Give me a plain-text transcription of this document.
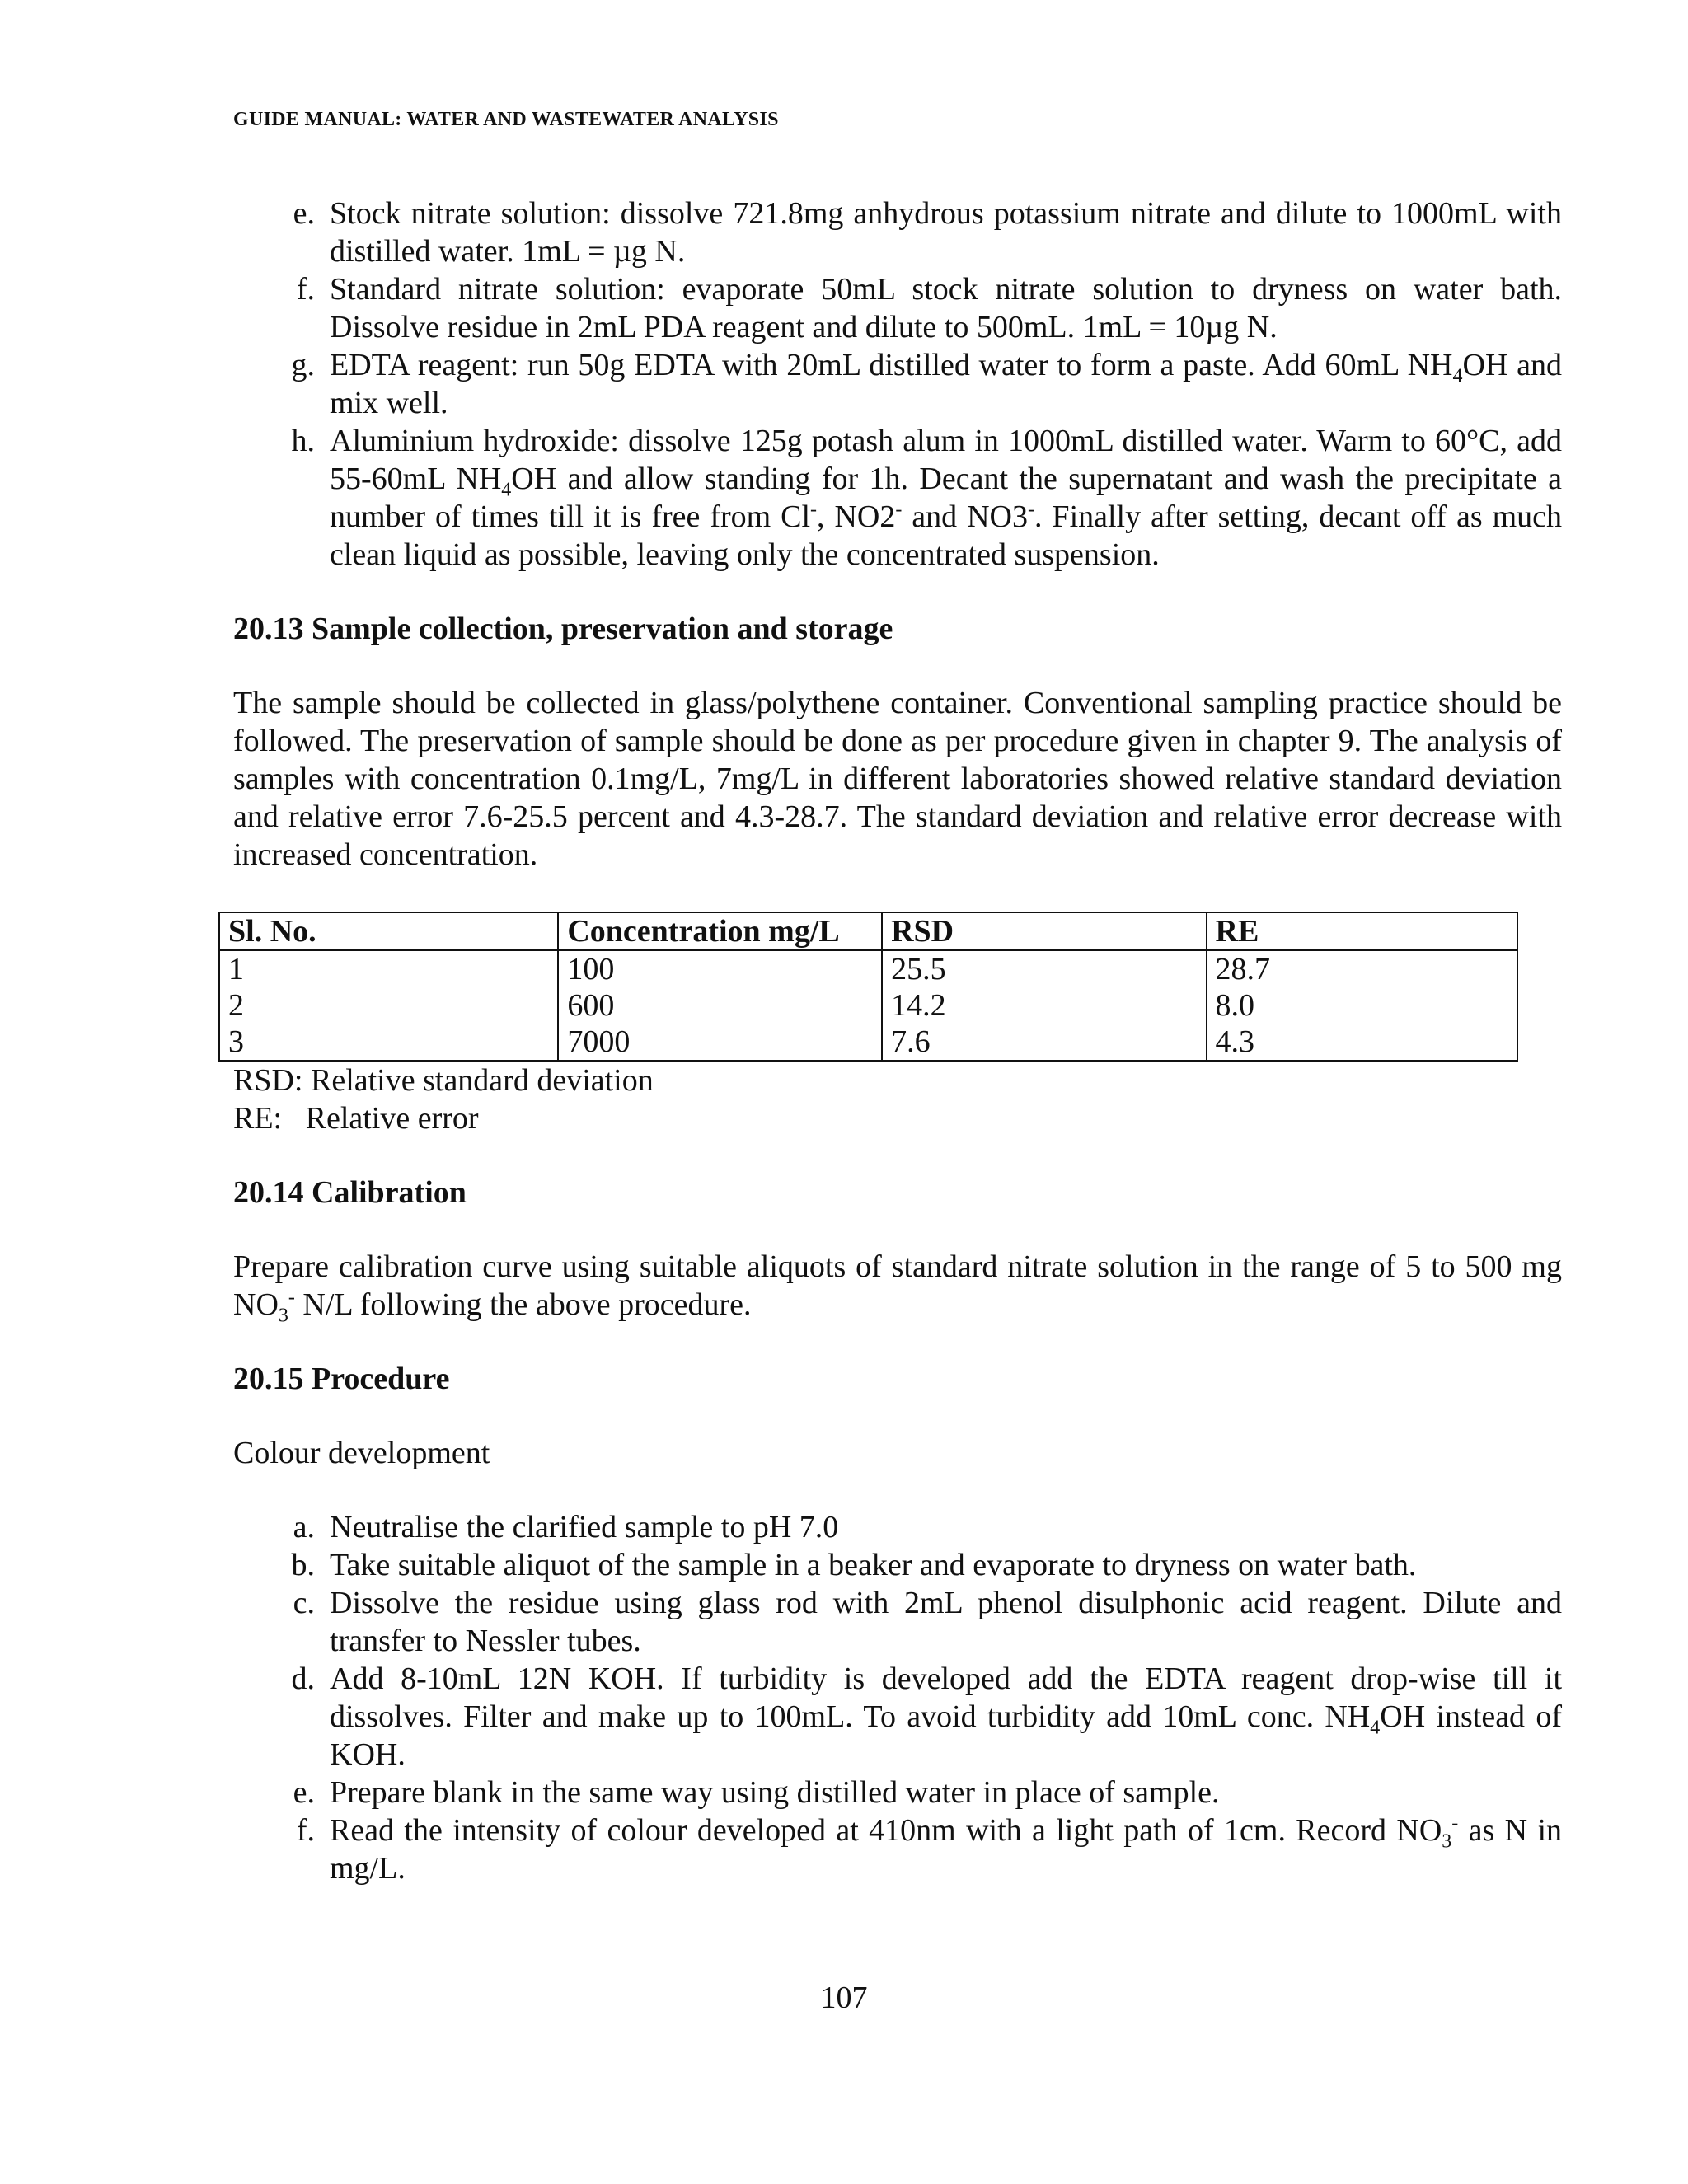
GUIDE MANUAL: WATER AND WASTEWATER ANALYSIS
e. Stock nitrate solution: dissolve 721.8mg anhydrous potassium nitrate and dilute to 1000mL with distilled water. 1mL = µg N.
f. Standard nitrate solution: evaporate 50mL stock nitrate solution to dryness on water bath. Dissolve residue in 2mL PDA reagent and dilute to 500mL. 1mL = 10µg N.
g. EDTA reagent: run 50g EDTA with 20mL distilled water to form a paste. Add 60mL $NH_4OH$ and mix well.
h. Aluminium hydroxide: dissolve 125g potash alum in 1000mL distilled water. Warm to 60°C, add 55-60mL $NH_4OH$ and allow standing for 1h. Decant the supernatant and wash the precipitate a number of times till it is free from Cl-, NO2- and NO3-. Finally after setting, decant off as much clean liquid as possible, leaving only the concentrated suspension.
20.13 Sample collection, preservation and storage

The sample should be collected in glass/polythene container. Conventional sampling practice should be followed. The preservation of sample should be done as per procedure given in chapter 9. The analysis of samples with concentration 0.1mg/L, 7mg/L in different laboratories showed relative standard deviation and relative error 7.6-25.5 percent and 4.3-28.7. The standard deviation and relative error decrease with increased concentration.

Sl. No.	Concentration mg/L	RSD	RE
1	100	25.5	28.7
2	600	14.2	8.0
3	7000	7.6	4.3
RSD: Relative standard deviation
RE:   Relative error
20.14 Calibration

Prepare calibration curve using suitable aliquots of standard nitrate solution in the range of 5 to 500 mg $NO_3^-$ N/L following the above procedure.

20.15 Procedure

Colour development

a. Neutralise the clarified sample to pH 7.0
b. Take suitable aliquot of the sample in a beaker and evaporate to dryness on water bath.
c. Dissolve the residue using glass rod with 2mL phenol disulphonic acid reagent. Dilute and transfer to Nessler tubes.
d. Add 8-10mL 12N KOH. If turbidity is developed add the EDTA reagent drop-wise till it dissolves. Filter and make up to 100mL. To avoid turbidity add 10mL conc. $NH_4OH$ instead of KOH.
e. Prepare blank in the same way using distilled water in place of sample.
f. Read the intensity of colour developed at 410nm with a light path of 1cm. Record $NO_3^-$ as N in mg/L.
107
